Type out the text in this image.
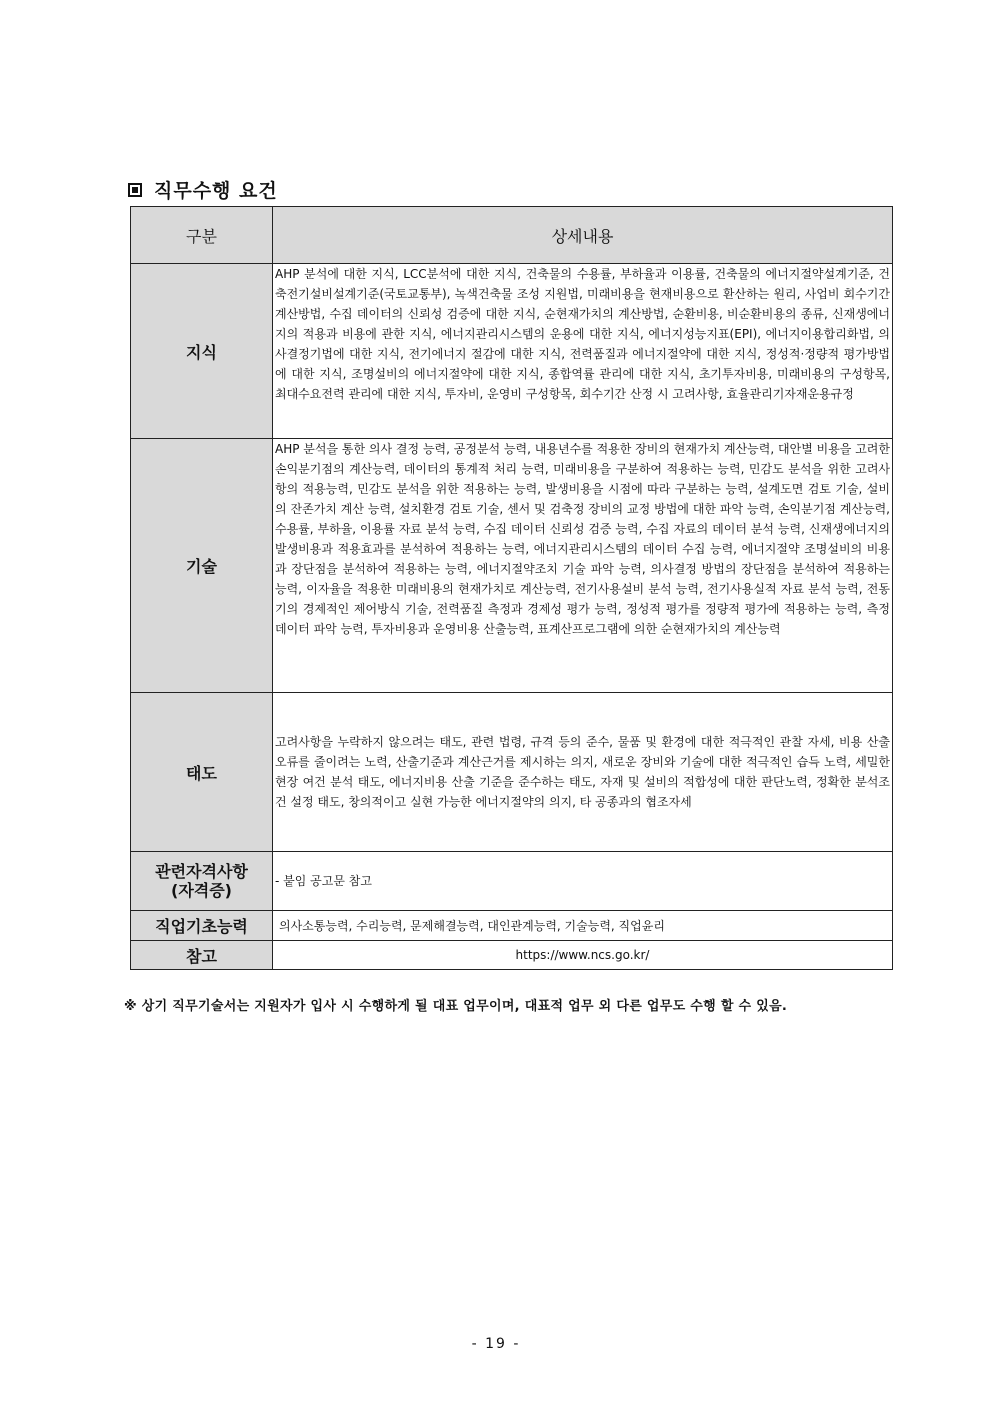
직무수행 요건
구분	상세내용
지식	AHP 분석에 대한 지식, LCC분석에 대한 지식, 건축물의 수용률, 부하율과 이용률, 건축물의 에너지절약설계기준, 건축전기설비설계기준(국토교통부), 녹색건축물 조성 지원법, 미래비용을 현재비용으로 환산하는 원리, 사업비 회수기간 계산방법, 수집 데이터의 신뢰성 검증에 대한 지식, 순현재가치의 계산방법, 순환비용, 비순환비용의 종류, 신재생에너지의 적용과 비용에 관한 지식, 에너지관리시스템의 운용에 대한 지식, 에너지성능지표(EPI), 에너지이용합리화법, 의사결정기법에 대한 지식, 전기에너지 절감에 대한 지식, 전력품질과 에너지절약에 대한 지식, 정성적·정량적 평가방법에 대한 지식, 조명설비의 에너지절약에 대한 지식, 종합역률 관리에 대한 지식, 초기투자비용, 미래비용의 구성항목, 최대수요전력 관리에 대한 지식, 투자비, 운영비 구성항목, 회수기간 산정 시 고려사항, 효율관리기자재운용규정
기술	AHP 분석을 통한 의사 결정 능력, 공정분석 능력, 내용년수를 적용한 장비의 현재가치 계산능력, 대안별 비용을 고려한 손익분기점의 계산능력, 데이터의 통계적 처리 능력, 미래비용을 구분하여 적용하는 능력, 민감도 분석을 위한 고려사항의 적용능력, 민감도 분석을 위한 적용하는 능력, 발생비용을 시점에 따라 구분하는 능력, 설계도면 검토 기술, 설비의 잔존가치 계산 능력, 설치환경 검토 기술, 센서 및 검축정 장비의 교정 방법에 대한 파악 능력, 손익분기점 계산능력, 수용률, 부하율, 이용률 자료 분석 능력, 수집 데이터 신뢰성 검증 능력, 수집 자료의 데이터 분석 능력, 신재생에너지의 발생비용과 적용효과를 분석하여 적용하는 능력, 에너지관리시스템의 데이터 수집 능력, 에너지절약 조명설비의 비용과 장단점을 분석하여 적용하는 능력, 에너지절약조치 기술 파악 능력, 의사결정 방법의 장단점을 분석하여 적용하는 능력, 이자율을 적용한 미래비용의 현재가치로 계산능력, 전기사용설비 분석 능력, 전기사용실적 자료 분석 능력, 전동기의 경제적인 제어방식 기술, 전력품질 측정과 경제성 평가 능력, 정성적 평가를 정량적 평가에 적용하는 능력, 측정 데이터 파악 능력, 투자비용과 운영비용 산출능력, 표계산프로그램에 의한 순현재가치의 계산능력
태도	고려사항을 누락하지 않으려는 태도, 관련 법령, 규격 등의 준수, 물품 및 환경에 대한 적극적인 관찰 자세, 비용 산출 오류를 줄이려는 노력, 산출기준과 계산근거를 제시하는 의지, 새로운 장비와 기술에 대한 적극적인 습득 노력, 세밀한 현장 여건 분석 태도, 에너지비용 산출 기준을 준수하는 태도, 자재 및 설비의 적합성에 대한 판단노력, 정확한 분석조건 설정 태도, 창의적이고 실현 가능한 에너지절약의 의지, 타 공종과의 협조자세

관련자격사항
(자격증)	- 붙임 공고문 참고
직업기초능력	의사소통능력, 수리능력, 문제해결능력, 대인관계능력, 기술능력, 직업윤리
참고	https://www.ncs.go.kr/
※ 상기 직무기술서는 지원자가 입사 시 수행하게 될 대표 업무이며, 대표적 업무 외 다른 업무도 수행 할 수 있음.
- 19 -
